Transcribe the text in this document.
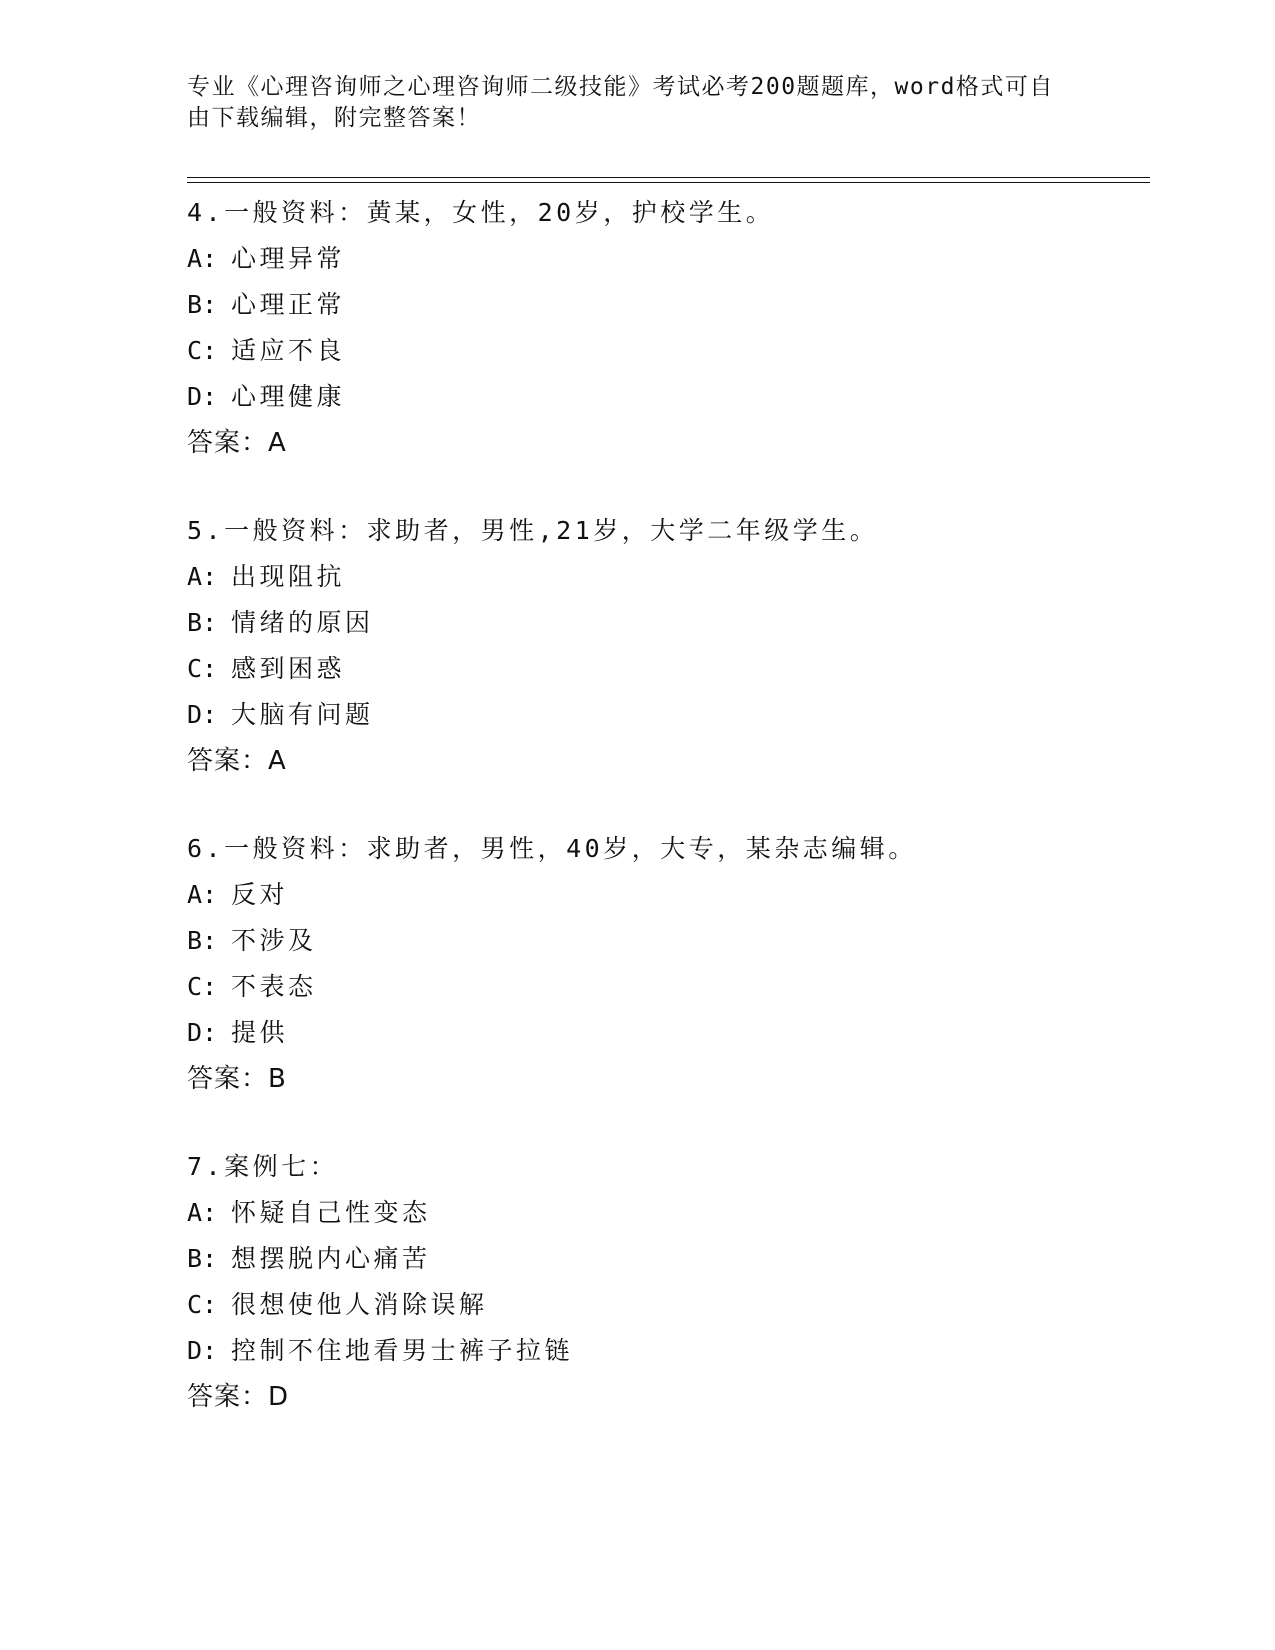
专业《心理咨询师之心理咨询师二级技能》考试必考200题题库，word格式可自
由下载编辑，附完整答案！
4.一般资料：黄某，女性，20岁，护校学生。
A: 心理异常
B: 心理正常
C: 适应不良
D: 心理健康
答案：A
5.一般资料：求助者，男性,21岁，大学二年级学生。
A: 出现阻抗
B: 情绪的原因
C: 感到困惑
D: 大脑有问题
答案：A
6.一般资料：求助者，男性，40岁，大专，某杂志编辑。
A: 反对
B: 不涉及
C: 不表态
D: 提供
答案：B
7.案例七：
A: 怀疑自己性变态
B: 想摆脱内心痛苦
C: 很想使他人消除误解
D: 控制不住地看男士裤子拉链
答案：D
